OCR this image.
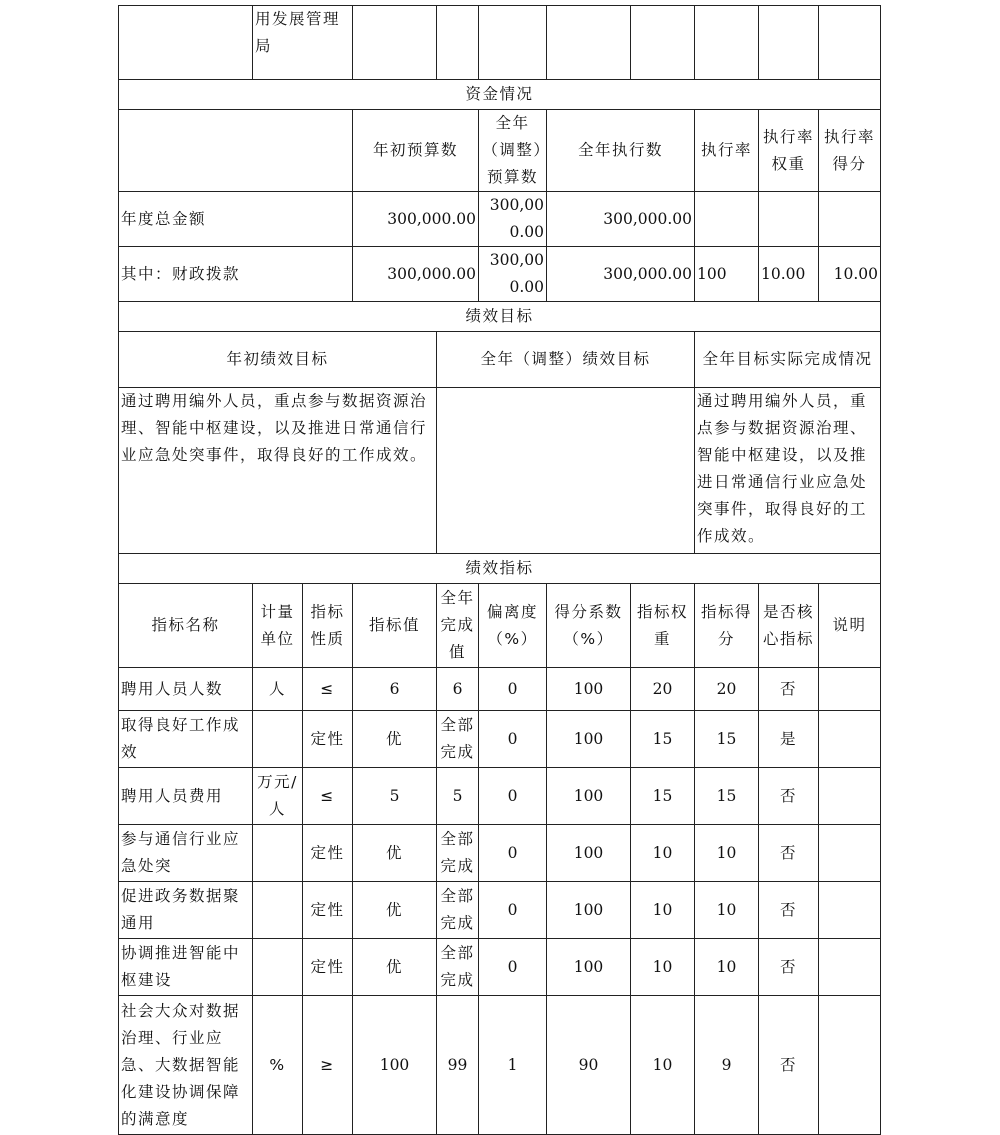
	用发展管理局									
资金情况										
			年初预算数		全年（调整）预算数	全年执行数		执行率	执行率权重	执行率得分
年度总金额			300,000.00		300,000.00	300,000.00				
其中：财政拨款			300,000.00		300,000.00	300,000.00		100	10.00	10.00
绩效目标										
年初绩效目标				全年（调整）绩效目标				全年目标实际完成情况		
通过聘用编外人员，重点参与数据资源治理、智能中枢建设，以及推进日常通信行业应急处突事件，取得良好的工作成效。								通过聘用编外人员，重点参与数据资源治理、智能中枢建设，以及推进日常通信行业应急处突事件，取得良好的工作成效。		
绩效指标										
指标名称	计量单位	指标性质	指标值	全年完成值	偏离度（%）	得分系数（%）	指标权重	指标得分	是否核心指标	说明
聘用人员人数	人	≤	6	6	0	100	20	20	否	
取得良好工作成效		定性	优	全部完成	0	100	15	15	是	
聘用人员费用	万元/人	≤	5	5	0	100	15	15	否	
参与通信行业应急处突		定性	优	全部完成	0	100	10	10	否	
促进政务数据聚通用		定性	优	全部完成	0	100	10	10	否	
协调推进智能中枢建设		定性	优	全部完成	0	100	10	10	否	
社会大众对数据治理、行业应急、大数据智能化建设协调保障的满意度	%	≥	100	99	1	90	10	9	否	
